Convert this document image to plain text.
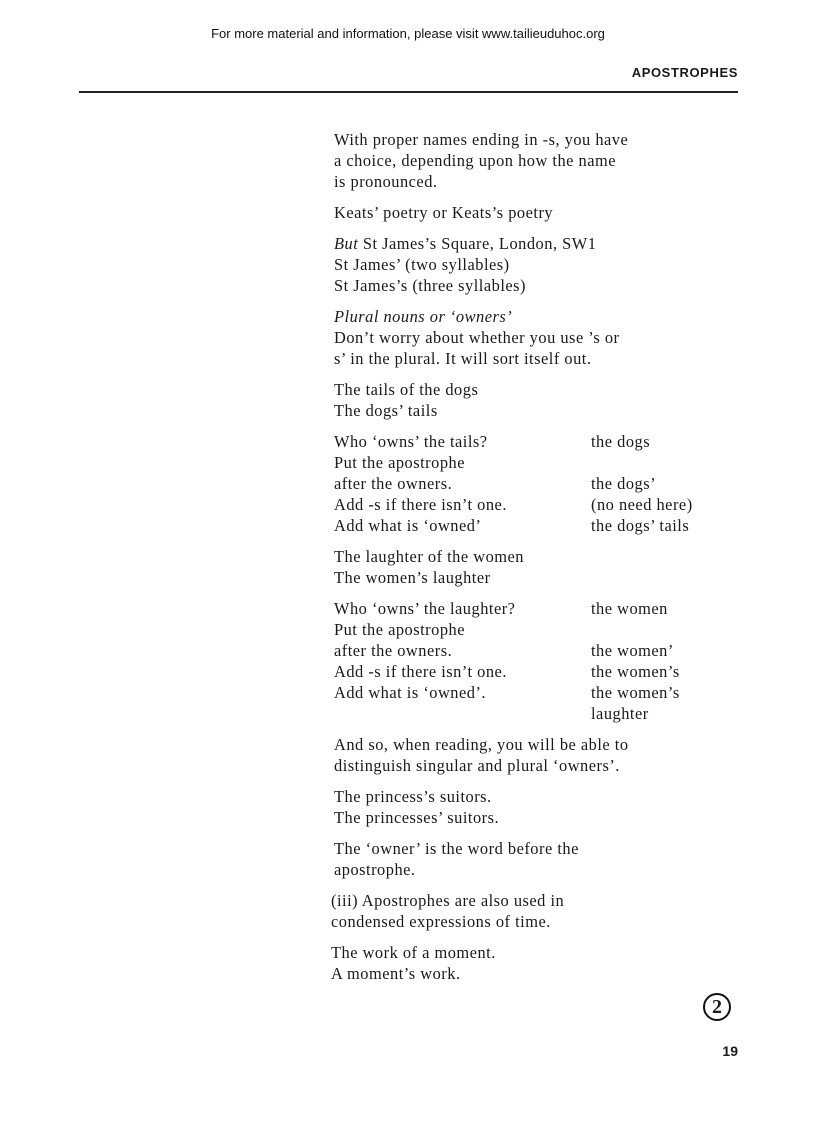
For more material and information, please visit www.tailieuduhoc.org
APOSTROPHES
With proper names ending in -s, you have
a choice, depending upon how the name
is pronounced.
Keats’ poetry or Keats’s poetry
But St James’s Square, London, SW1
St James’ (two syllables)
St James’s (three syllables)
Plural nouns or ‘owners’
Don’t worry about whether you use ’s or
s’ in the plural. It will sort itself out.
The tails of the dogs
The dogs’ tails
Who ‘owns’ the tails?	the dogs
Put the apostrophe
after the owners.	the dogs’
Add -s if there isn’t one.	(no need here)
Add what is ‘owned’	the dogs’ tails
The laughter of the women
The women’s laughter
Who ‘owns’ the laughter?	the women
Put the apostrophe
after the owners.	the women’
Add -s if there isn’t one.	the women’s
Add what is ‘owned’.	the women’s
laughter
And so, when reading, you will be able to
distinguish singular and plural ‘owners’.
The princess’s suitors.
The princesses’ suitors.
The ‘owner’ is the word before the
apostrophe.
(iii) Apostrophes are also used in
condensed expressions of time.
The work of a moment.
A moment’s work.
2
19
